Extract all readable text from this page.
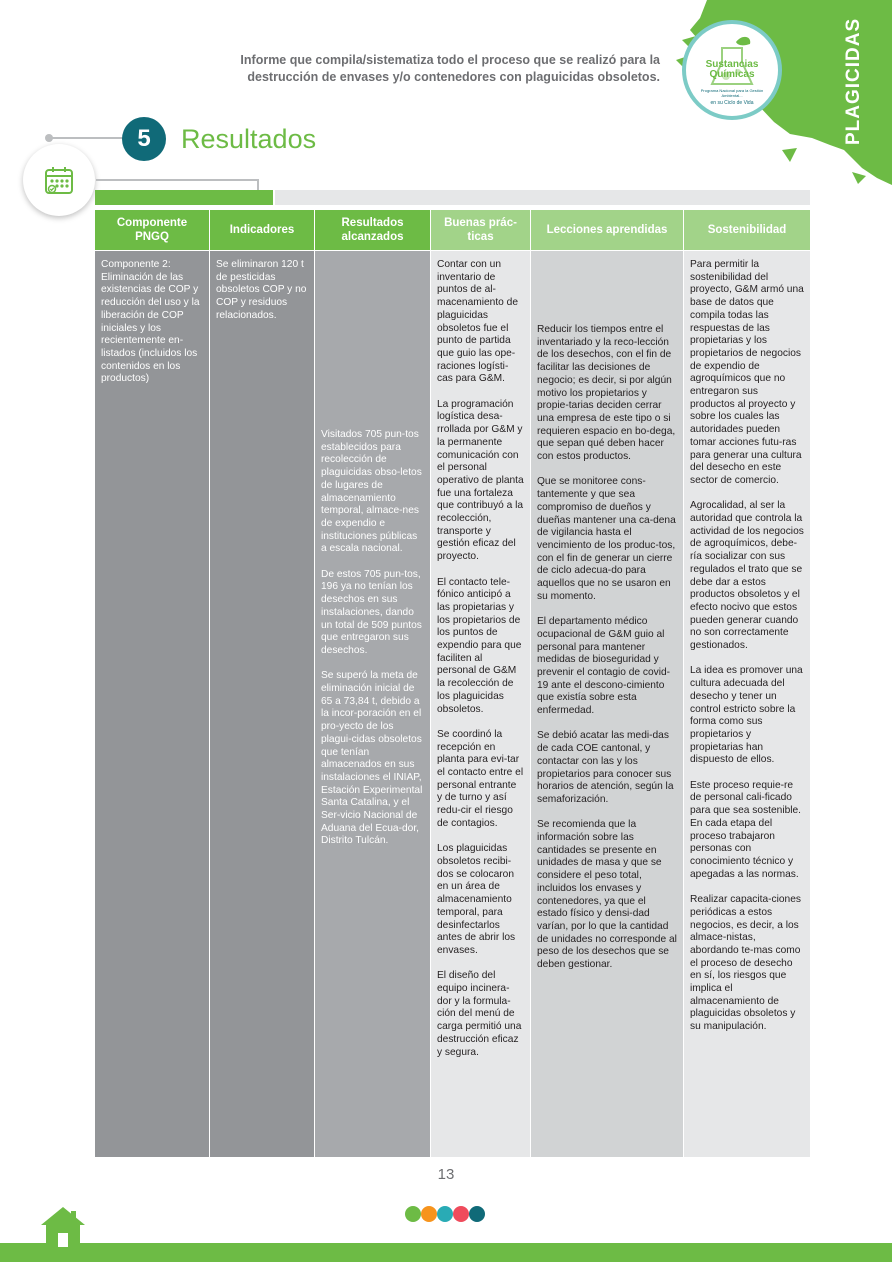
PLAGICIDAS
Sustancias Químicas
Programa Nacional para la Gestión Ambiental...
en su Ciclo de Vida
Informe que compila/sistematiza todo el proceso que se realizó para la
destrucción de envases y/o contenedores con plaguicidas obsoletos.
5	Resultados
Componente PNGQ

Componente 2: Eliminación de las existencias de COP y reducción del uso y la liberación de COP iniciales y los recientemente en-listados (incluidos los contenidos en los productos)

Indicadores

Se eliminaron 120 t de pesticidas obsoletos COP y no COP y residuos relacionados.

Resultados alcanzados

Visitados 705 pun-tos establecidos para recolección de plaguicidas obso-letos de lugares de almacenamiento temporal, almace-nes de expendio e instituciones públicas a escala nacional.

De estos 705 pun-tos, 196 ya no tenían los desechos en sus instalaciones, dando un total de 509 puntos que entregaron sus desechos.

Se superó la meta de eliminación inicial de 65 a 73,84 t, debido a la incor-poración en el pro-yecto de los plagui-cidas obsoletos que tenían almacenados en sus instalaciones el INIAP, Estación Experimental Santa Catalina, y el Ser-vicio Nacional de Aduana del Ecua-dor, Distrito Tulcán.

Buenas prác-ticas

Contar con un inventario de puntos de al-macenamiento de plaguicidas obsoletos fue el punto de partida que guio las ope-raciones logísti-cas para G&M.

La programación logística desa-rrollada por G&M y la permanente comunicación con el personal operativo de planta fue una fortaleza que contribuyó a la recolección, transporte y gestión eficaz del proyecto.

El contacto tele-fónico anticipó a las propietarias y los propietarios de los puntos de expendio para que faciliten al personal de G&M la recolección de los plaguicidas obsoletos.

Se coordinó la recepción en planta para evi-tar el contacto entre el personal entrante y de turno y así redu-cir el riesgo de contagios.

Los plaguicidas obsoletos recibi-dos se colocaron en un área de almacenamiento temporal, para desinfectarlos antes de abrir los envases.

El diseño del equipo incinera-dor y la formula-ción del menú de carga permitió una destrucción eficaz y segura.

Lecciones aprendidas

Reducir los tiempos entre el inventariado y la reco-lección de los desechos, con el fin de facilitar las decisiones de negocio; es decir, si por algún motivo los propietarios y propie-tarias deciden cerrar una empresa de este tipo o si requieren espacio en bo-dega, que sepan qué deben hacer con estos productos.

Que se monitoree cons-tantemente y que sea compromiso de dueños y dueñas mantener una ca-dena de vigilancia hasta el vencimiento de los produc-tos, con el fin de generar un cierre de ciclo adecua-do para aquellos que no se usaron en su momento.

El departamento médico ocupacional de G&M guio al personal para mantener medidas de bioseguridad y prevenir el contagio de covid-19 ante el descono-cimiento que existía sobre esta enfermedad.

Se debió acatar las medi-das de cada COE cantonal, y contactar con las y los propietarios para conocer sus horarios de atención, según la semaforización.

Se recomienda que la información sobre las cantidades se presente en unidades de masa y que se considere el peso total, incluidos los envases y contenedores, ya que el estado físico y densi-dad varían, por lo que la cantidad de unidades no corresponde al peso de los desechos que se deben gestionar.

Sostenibilidad

Para permitir la sostenibilidad del proyecto, G&M armó una base de datos que compila todas las respuestas de las propietarias y los propietarios de negocios de expendio de agroquímicos que no entregaron sus productos al proyecto y sobre los cuales las autoridades pueden tomar acciones futu-ras para generar una cultura del desecho en este sector de comercio.

Agrocalidad, al ser la autoridad que controla la actividad de los negocios de agroquímicos, debe-ría socializar con sus regulados el trato que se debe dar a estos productos obsoletos y el efecto nocivo que estos pueden generar cuando no son correctamente gestionados.

La idea es promover una cultura adecuada del desecho y tener un control estricto sobre la forma como sus propietarios y propietarias han dispuesto de ellos.

Este proceso requie-re de personal cali-ficado para que sea sostenible. En cada etapa del proceso trabajaron personas con conocimiento técnico y apegadas a las normas.

Realizar capacita-ciones periódicas a estos negocios, es decir, a los almace-nistas, abordando te-mas como el proceso de desecho en sí, los riesgos que implica el almacenamiento de plaguicidas obsoletos y su manipulación.

13
